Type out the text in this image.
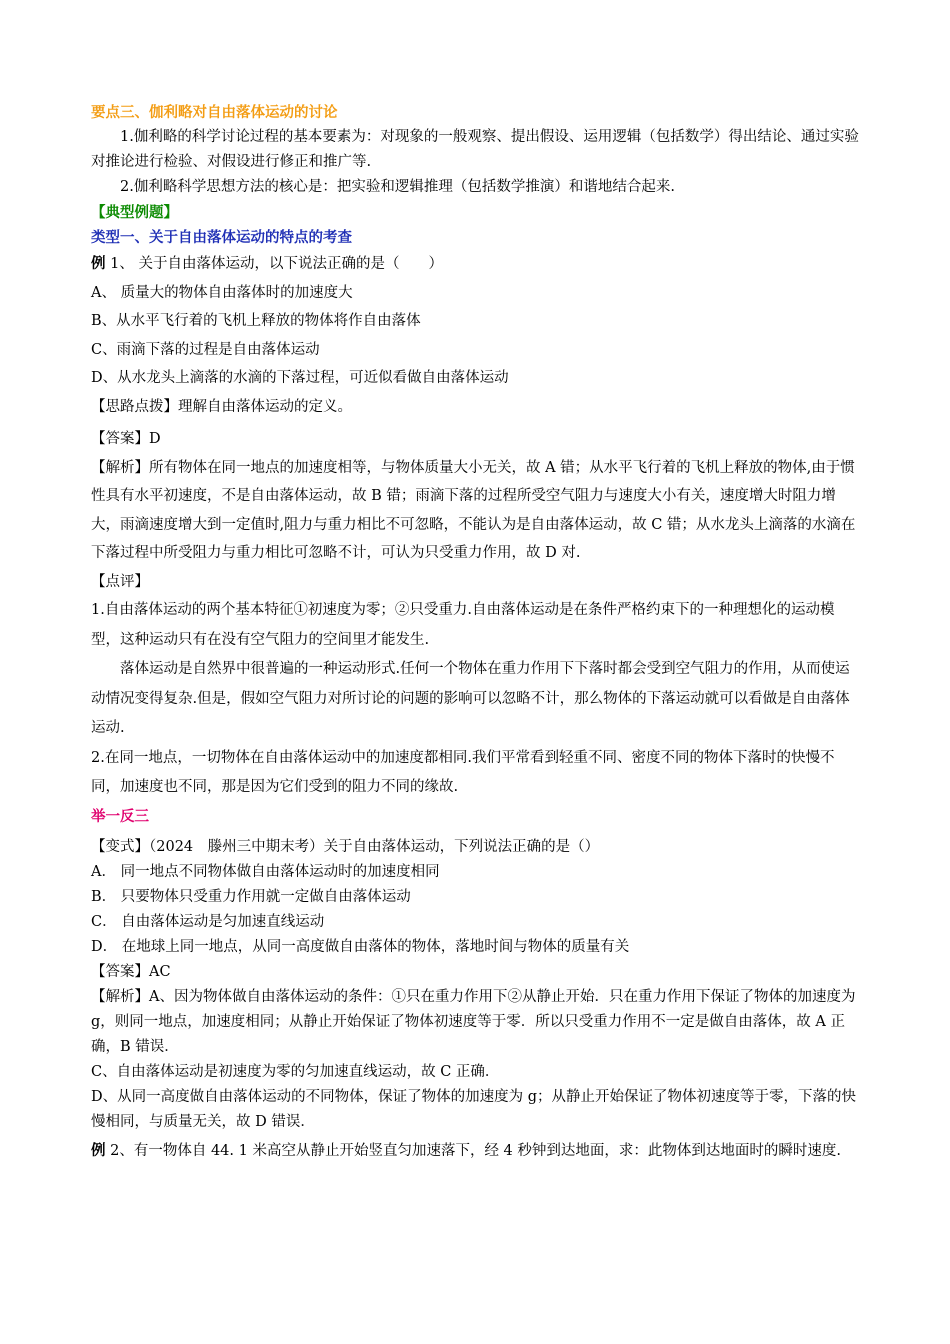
要点三、伽利略对自由落体运动的讨论

1.伽利略的科学讨论过程的基本要素为：对现象的一般观察、提出假设、运用逻辑（包括数学）得出结论、通过实验对推论进行检验、对假设进行修正和推广等.

2.伽利略科学思想方法的核心是：把实验和逻辑推理（包括数学推演）和谐地结合起来.

【典型例题】

类型一、关于自由落体运动的特点的考查

例 1、 关于自由落体运动，以下说法正确的是（　　）

A、 质量大的物体自由落体时的加速度大

B、从水平飞行着的飞机上释放的物体将作自由落体

C、雨滴下落的过程是自由落体运动

D、从水龙头上滴落的水滴的下落过程，可近似看做自由落体运动

【思路点拨】理解自由落体运动的定义。

【答案】D

【解析】所有物体在同一地点的加速度相等，与物体质量大小无关，故 A 错；从水平飞行着的飞机上释放的物体,由于惯性具有水平初速度，不是自由落体运动，故 B 错；雨滴下落的过程所受空气阻力与速度大小有关，速度增大时阻力增大，雨滴速度增大到一定值时,阻力与重力相比不可忽略，不能认为是自由落体运动，故 C 错；从水龙头上滴落的水滴在下落过程中所受阻力与重力相比可忽略不计，可认为只受重力作用，故 D 对.

【点评】

1.自由落体运动的两个基本特征①初速度为零；②只受重力.自由落体运动是在条件严格约束下的一种理想化的运动模型，这种运动只有在没有空气阻力的空间里才能发生.

落体运动是自然界中很普遍的一种运动形式.任何一个物体在重力作用下下落时都会受到空气阻力的作用，从而使运动情况变得复杂.但是，假如空气阻力对所讨论的问题的影响可以忽略不计，那么物体的下落运动就可以看做是自由落体运动.

2.在同一地点，一切物体在自由落体运动中的加速度都相同.我们平常看到轻重不同、密度不同的物体下落时的快慢不同，加速度也不同，那是因为它们受到的阻力不同的缘故.

举一反三

【变式】（2024　滕州三中期末考）关于自由落体运动，下列说法正确的是（）

A． 同一地点不同物体做自由落体运动时的加速度相同

B． 只要物体只受重力作用就一定做自由落体运动

C． 自由落体运动是匀加速直线运动

D． 在地球上同一地点，从同一高度做自由落体的物体，落地时间与物体的质量有关

【答案】AC

【解析】A、因为物体做自由落体运动的条件：①只在重力作用下②从静止开始．只在重力作用下保证了物体的加速度为 g，则同一地点，加速度相同；从静止开始保证了物体初速度等于零．所以只受重力作用不一定是做自由落体，故 A 正确，B 错误．

C、自由落体运动是初速度为零的匀加速直线运动，故 C 正确．

D、从同一高度做自由落体运动的不同物体，保证了物体的加速度为 g；从静止开始保证了物体初速度等于零，下落的快慢相同，与质量无关，故 D 错误．

例 2、有一物体自 44. 1 米高空从静止开始竖直匀加速落下，经 4 秒钟到达地面，求：此物体到达地面时的瞬时速度.
